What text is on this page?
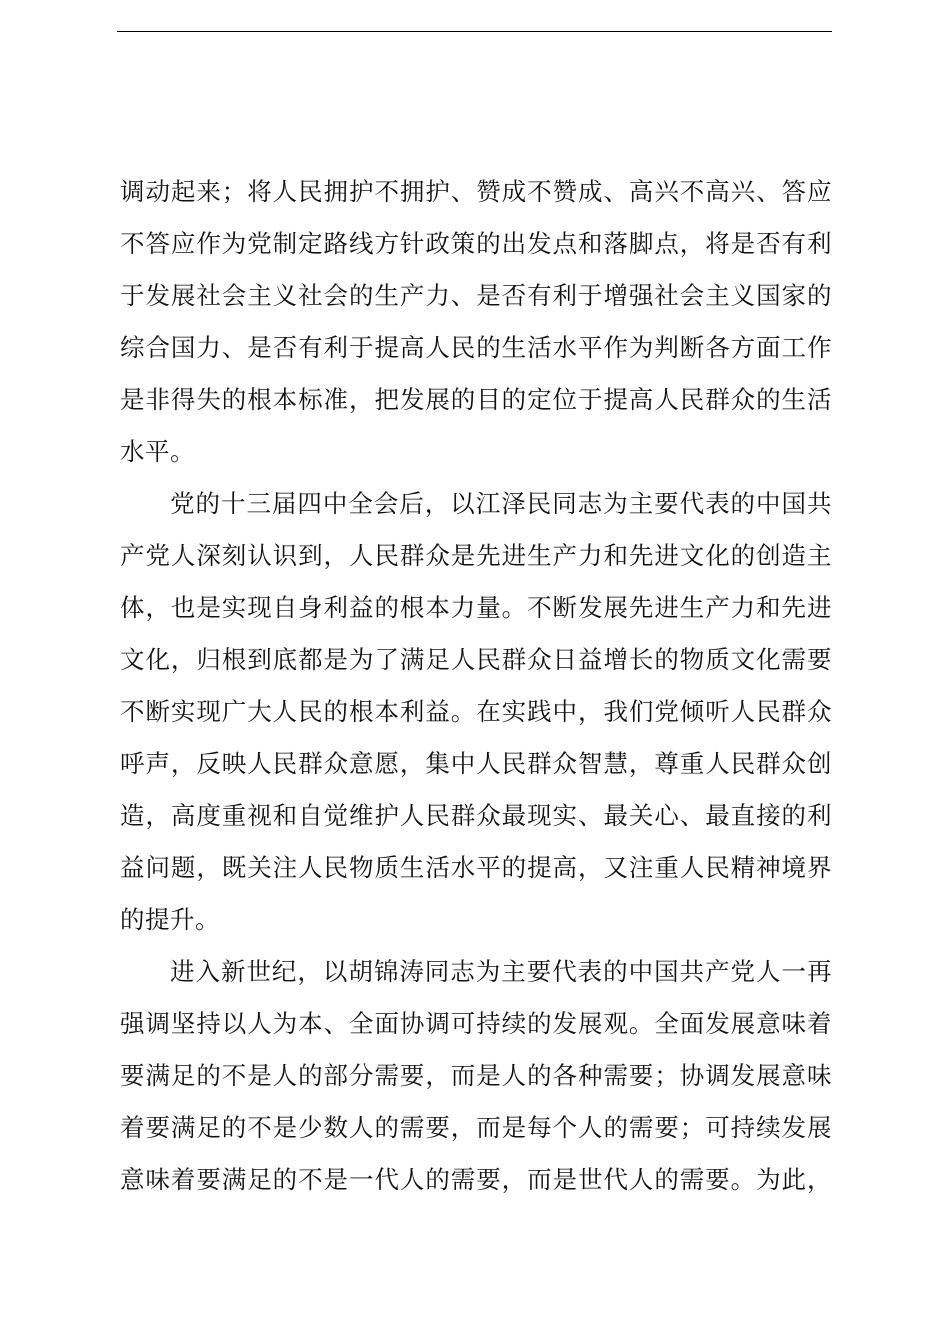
调动起来；将人民拥护不拥护、赞成不赞成、高兴不高兴、答应
不答应作为党制定路线方针政策的出发点和落脚点，将是否有利
于发展社会主义社会的生产力、是否有利于增强社会主义国家的
综合国力、是否有利于提高人民的生活水平作为判断各方面工作
是非得失的根本标准，把发展的目的定位于提高人民群众的生活
水平。
党的十三届四中全会后，以江泽民同志为主要代表的中国共
产党人深刻认识到，人民群众是先进生产力和先进文化的创造主
体，也是实现自身利益的根本力量。不断发展先进生产力和先进
文化，归根到底都是为了满足人民群众日益增长的物质文化需要
不断实现广大人民的根本利益。在实践中，我们党倾听人民群众
呼声，反映人民群众意愿，集中人民群众智慧，尊重人民群众创
造，高度重视和自觉维护人民群众最现实、最关心、最直接的利
益问题，既关注人民物质生活水平的提高，又注重人民精神境界
的提升。
进入新世纪，以胡锦涛同志为主要代表的中国共产党人一再
强调坚持以人为本、全面协调可持续的发展观。全面发展意味着
要满足的不是人的部分需要，而是人的各种需要；协调发展意味
着要满足的不是少数人的需要，而是每个人的需要；可持续发展
意味着要满足的不是一代人的需要，而是世代人的需要。为此，
